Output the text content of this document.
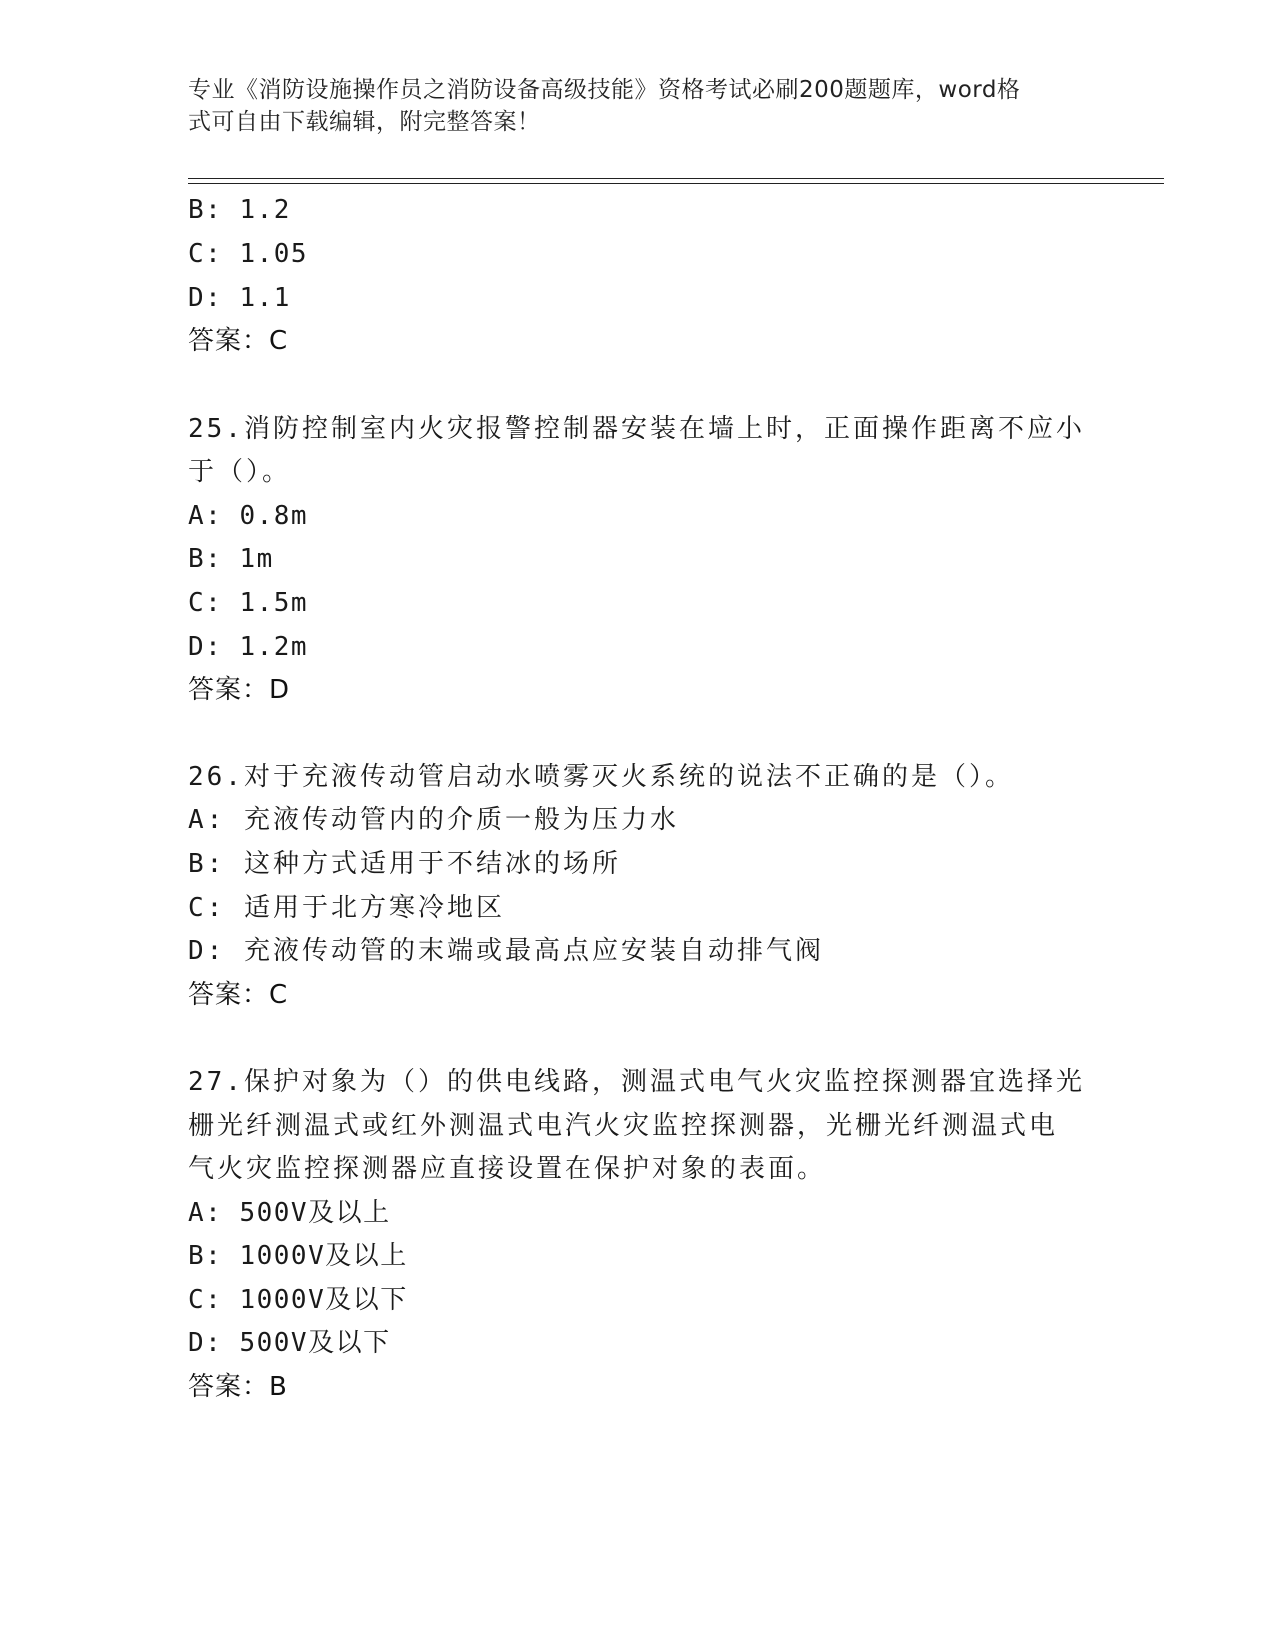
专业《消防设施操作员之消防设备高级技能》资格考试必刷200题题库，word格
式可自由下载编辑，附完整答案！
B: 1.2
C: 1.05
D: 1.1
答案：C
25.消防控制室内火灾报警控制器安装在墙上时，正面操作距离不应小
于（）。
A: 0.8m
B: 1m
C: 1.5m
D: 1.2m
答案：D
26.对于充液传动管启动水喷雾灭火系统的说法不正确的是（）。
A: 充液传动管内的介质一般为压力水
B: 这种方式适用于不结冰的场所
C: 适用于北方寒冷地区
D: 充液传动管的末端或最高点应安装自动排气阀
答案：C
27.保护对象为（）的供电线路，测温式电气火灾监控探测器宜选择光
栅光纤测温式或红外测温式电汽火灾监控探测器，光栅光纤测温式电
气火灾监控探测器应直接设置在保护对象的表面。
A: 500V及以上
B: 1000V及以上
C: 1000V及以下
D: 500V及以下
答案：B
